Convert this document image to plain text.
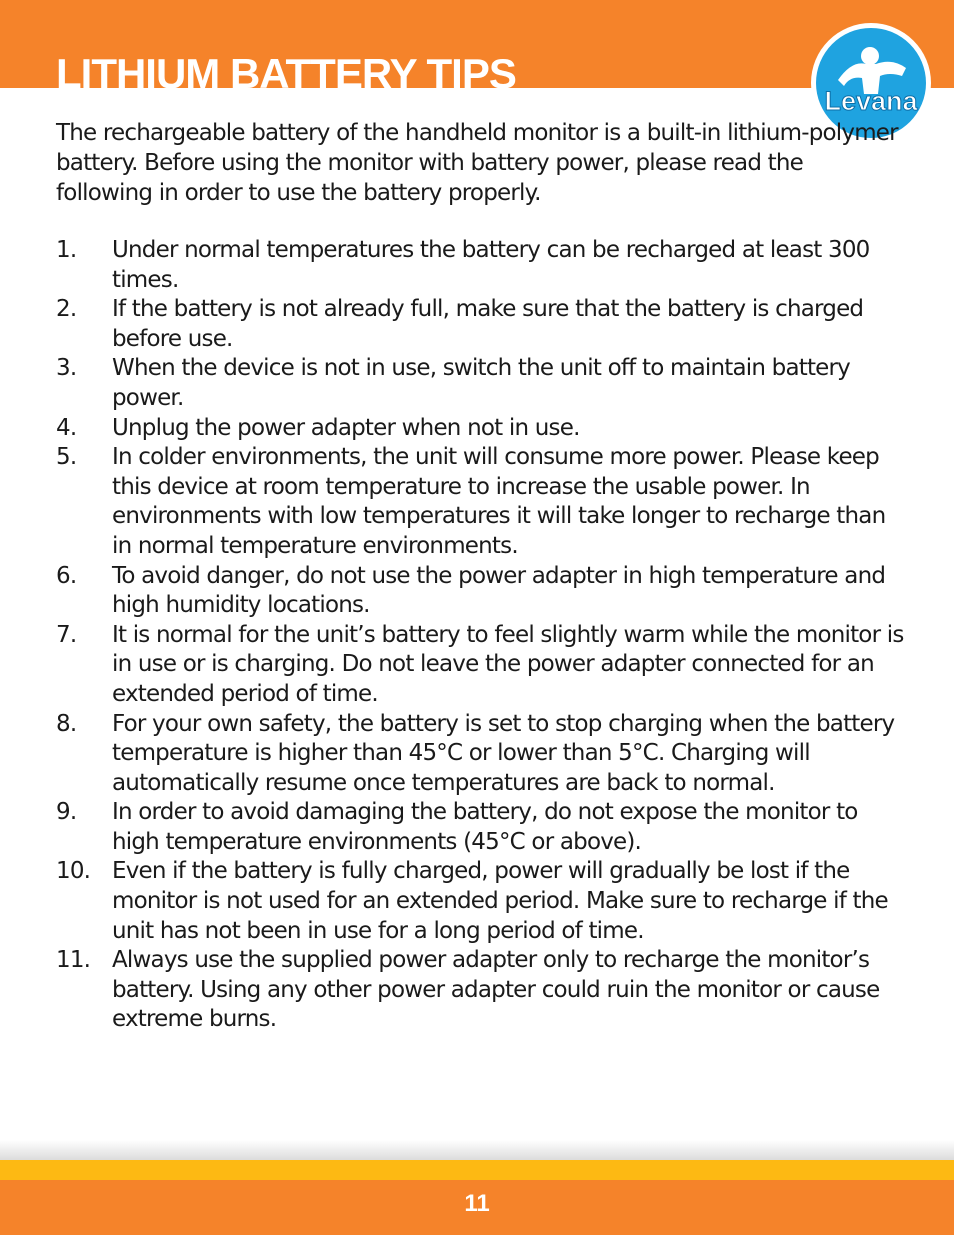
LITHIUM BATTERY TIPS
Levana

The rechargeable battery of the handheld monitor is a built-in lithium-polymer battery. Before using the monitor with battery power, please read the following in order to use the battery properly.

1.	Under normal temperatures the battery can be recharged at least 300 times.
2.	If the battery is not already full, make sure that the battery is charged before use.
3.	When the device is not in use, switch the unit off to maintain battery power.
4.	Unplug the power adapter when not in use.
5.	In colder environments, the unit will consume more power. Please keep this device at room temperature to increase the usable power. In environments with low temperatures it will take longer to recharge than in normal temperature environments.
6.	To avoid danger, do not use the power adapter in high temperature and high humidity locations.
7.	It is normal for the unit’s battery to feel slightly warm while the monitor is in use or is charging. Do not leave the power adapter connected for an extended period of time.
8.	For your own safety, the battery is set to stop charging when the battery temperature is higher than 45°C or lower than 5°C. Charging will automatically resume once temperatures are back to normal.
9.	In order to avoid damaging the battery, do not expose the monitor to high temperature environments (45°C or above).
10. Even if the battery is fully charged, power will gradually be lost if the monitor is not used for an extended period. Make sure to recharge if the unit has not been in use for a long period of time.
11. Always use the supplied power adapter only to recharge the monitor’s battery. Using any other power adapter could ruin the monitor or cause extreme burns.
11
